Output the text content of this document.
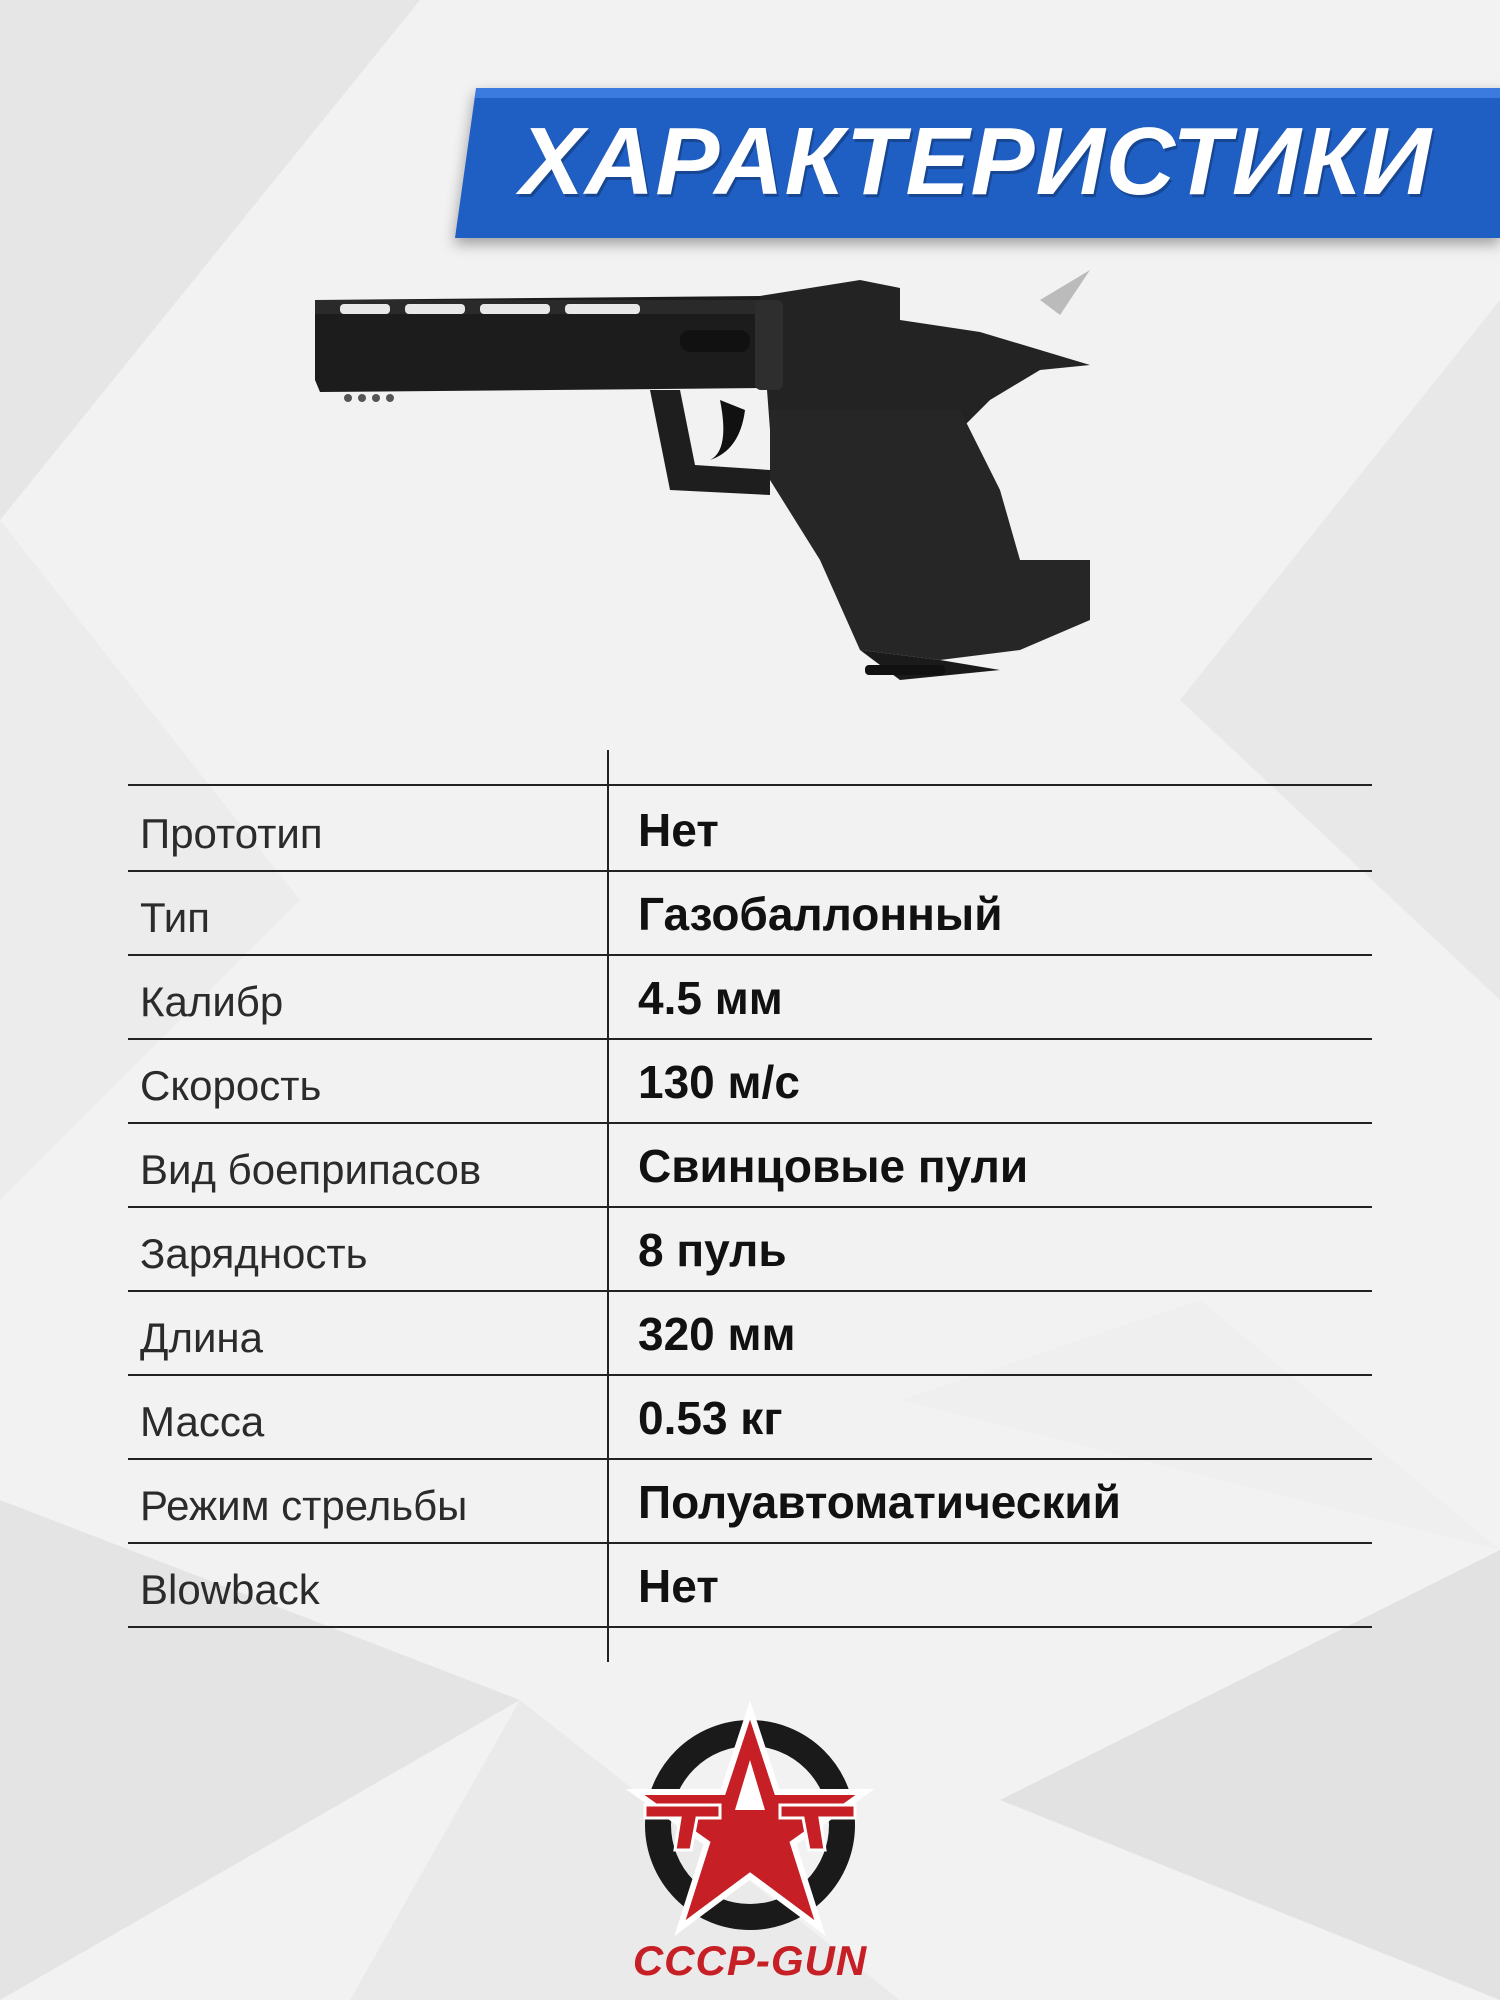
ХАРАКТЕРИСТИКИ
Прототип	Нет
Тип	Газобаллонный
Калибр	4.5 мм
Скорость	130 м/с
Вид боеприпасов	Свинцовые пули
Зарядность	8 пуль
Длина	320 мм
Масса	0.53 кг
Режим стрельбы	Полуавтоматический
Blowback	Нет
CCCP-GUN
